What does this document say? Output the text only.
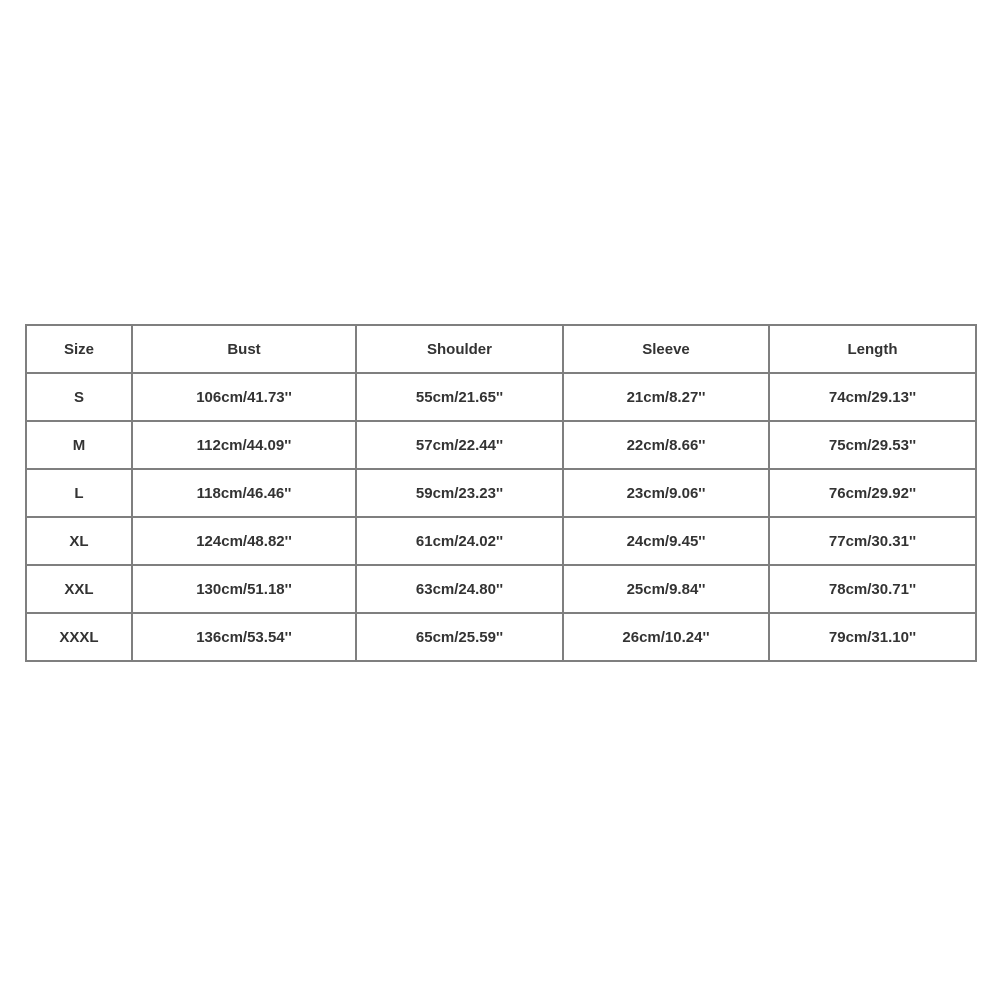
Size	Bust	Shoulder	Sleeve	Length
S	106cm/41.73''	55cm/21.65''	21cm/8.27''	74cm/29.13''
M	112cm/44.09''	57cm/22.44''	22cm/8.66''	75cm/29.53''
L	118cm/46.46''	59cm/23.23''	23cm/9.06''	76cm/29.92''
XL	124cm/48.82''	61cm/24.02''	24cm/9.45''	77cm/30.31''
XXL	130cm/51.18''	63cm/24.80''	25cm/9.84''	78cm/30.71''
XXXL	136cm/53.54''	65cm/25.59''	26cm/10.24''	79cm/31.10''
